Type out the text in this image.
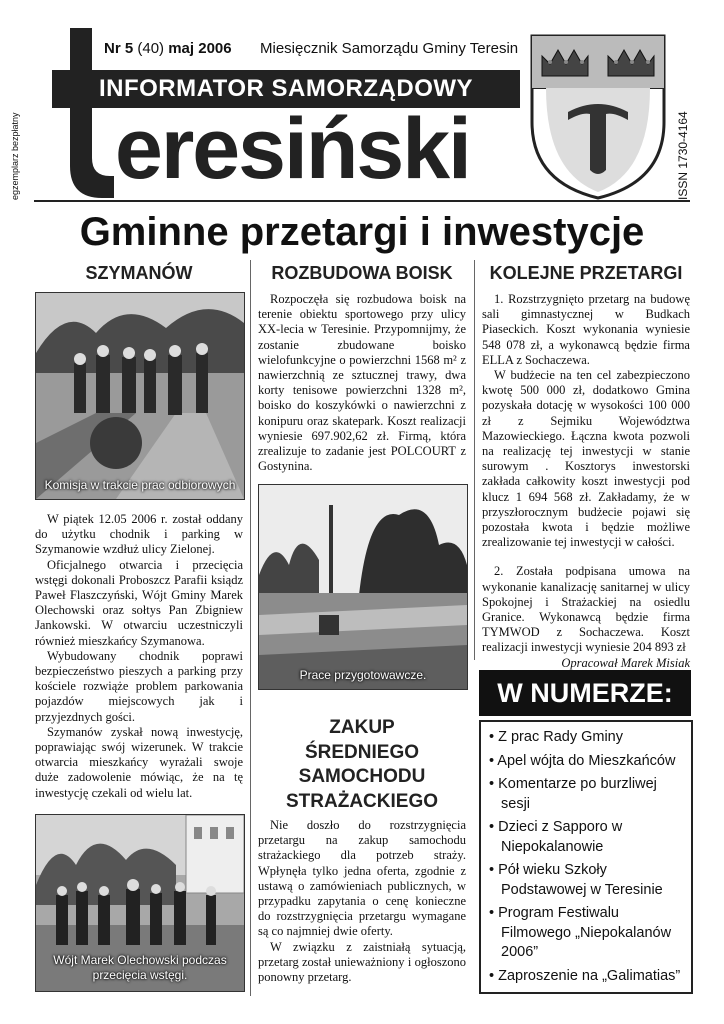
Nr 5 (40) maj 2006 Miesięcznik Samorządu Gminy Teresin
INFORMATOR SAMORZĄDOWY
eresiński
egzemplarz bezpłatny	ISSN 1730-4164
Gminne przetargi i inwestycje
SZYMANÓW
Komisja w trakcie prac odbiorowych

W piątek 12.05 2006 r. został oddany do użytku chodnik i parking w Szymanowie wzdłuż ulicy Zielonej.

Oficjalnego otwarcia i przecięcia wstęgi dokonali Proboszcz Parafii ksiądz Paweł Flaszczyński, Wójt Gminy Marek Olechowski oraz sołtys Pan Zbigniew Jankowski. W otwarciu uczestniczyli również mieszkańcy Szymanowa.

Wybudowany chodnik poprawi bezpieczeństwo pieszych a parking przy kościele rozwiąże problem parkowania pojazdów miejscowych jak i przyjezdnych gości.

Szymanów zyskał nową inwestycję, poprawiając swój wizerunek. W trakcie otwarcia mieszkańcy wyrażali swoje duże zadowolenie mówiąc, że na tę inwestycję czekali od wielu lat.

Wójt Marek Olechowski podczas przecięcia wstęgi.
ROZBUDOWA BOISK

Rozpoczęła się rozbudowa boisk na terenie obiektu sportowego przy ulicy XX-lecia w Teresinie. Przypomnijmy, że zostanie zbudowane boisko wielofunkcyjne o powierzchni 1568 m² z nawierzchnią ze sztucznej trawy, dwa korty tenisowe powierzchni 1328 m², boisko do koszykówki o nawierzchni z konipuru oraz skatepark. Koszt realizacji wyniesie 697.902,62 zł. Firmą, która zrealizuje to zadanie jest POLCOURT z Gostynina.

Prace przygotowawcze.
ZAKUP ŚREDNIEGO SAMOCHODU STRAŻACKIEGO

Nie doszło do rozstrzygnięcia przetargu na zakup samochodu strażackiego dla potrzeb straży. Wpłynęła tylko jedna oferta, zgodnie z ustawą o zamówieniach publicznych, w przypadku zapytania o cenę konieczne do rozstrzygnięcia przetargu wymagane są co najmniej dwie oferty.

W związku z zaistniałą sytuacją, przetarg został unieważniony i ogłoszono ponowny przetarg.

KOLEJNE PRZETARGI

1. Rozstrzygnięto przetarg na budowę sali gimnastycznej w Budkach Piaseckich. Koszt wykonania wyniesie 548 078 zł, a wykonawcą będzie firma ELLA z Sochaczewa.

W budżecie na ten cel zabezpieczono kwotę 500 000 zł, dodatkowo Gmina pozyskała dotację w wysokości 100 000 zł z Sejmiku Województwa Mazowieckiego. Łączna kwota pozwoli na realizację tej inwestycji w stanie surowym . Kosztorys inwestorski zakłada całkowity koszt inwestycji pod klucz 1 694 568 zł. Zakładamy, że w przyszłorocznym budżecie pojawi się pozostała kwota i będzie możliwe zrealizowanie tej inwestycji w całości.

2. Została podpisana umowa na wykonanie kanalizację sanitarnej w ulicy Spokojnej i Strażackiej na osiedlu Granice. Wykonawcą będzie firma TYMWOD z Sochaczewa. Koszt realizacji inwestycji wyniesie 204 893 zł

Opracował Marek Misiak
W NUMERZE:
• Z prac Rady Gminy
• Apel wójta do Mieszkańców
• Komentarze po burzliwej sesji
• Dzieci z Sapporo w Niepokalanowie
• Pół wieku Szkoły Podstawowej w Teresinie
• Program Festiwalu Filmowego „Niepokalanów 2006”
• Zaproszenie na „Galimatias”
